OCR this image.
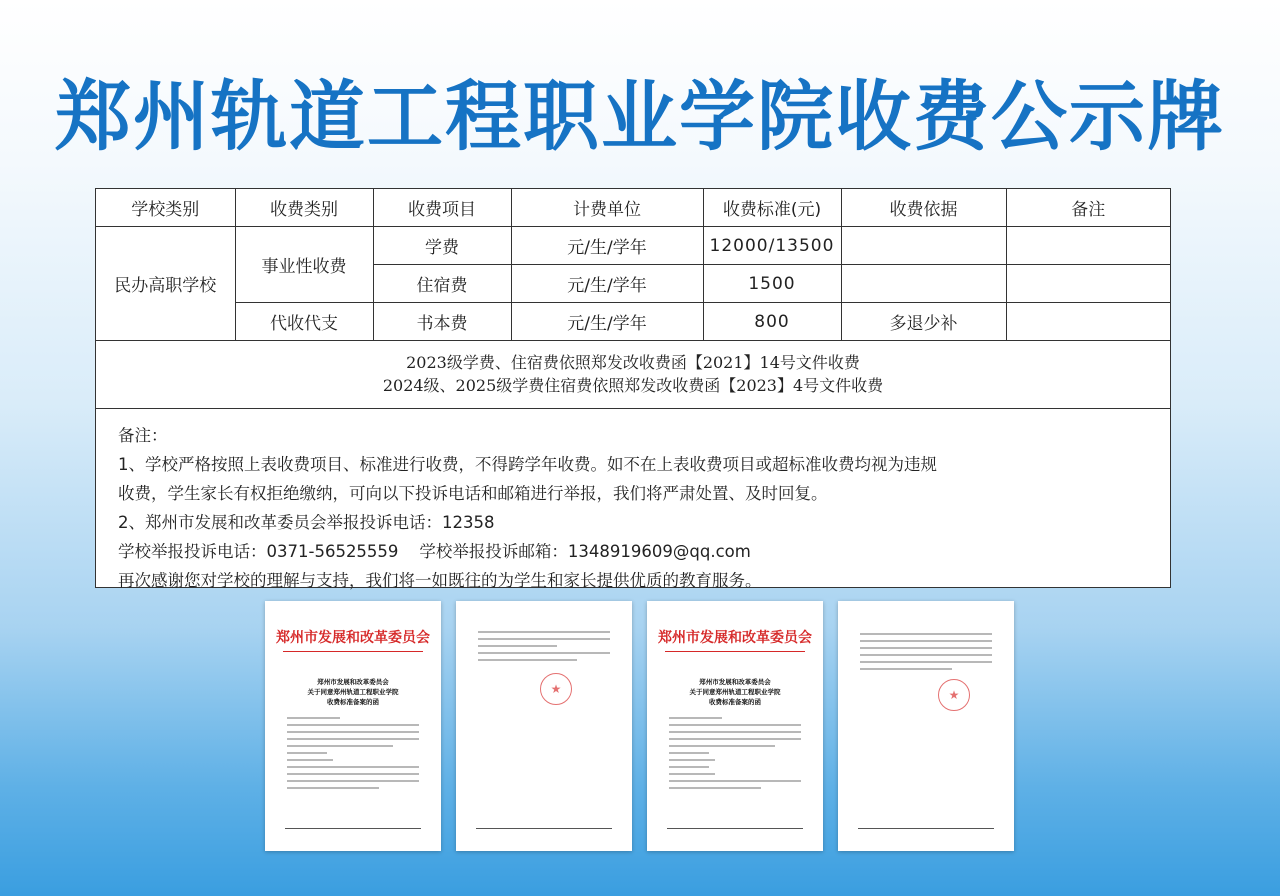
郑州轨道工程职业学院收费公示牌
学校类别	收费类别	收费项目	计费单位	收费标准(元)	收费依据	备注
民办高职学校	事业性收费	学费	元/生/学年	12000/13500		
		住宿费	元/生/学年	1500		
	代收代支	书本费	元/生/学年	800	多退少补	
2023级学费、住宿费依照郑发改收费函【2021】14号文件收费
2024级、2025级学费住宿费依照郑发改收费函【2023】4号文件收费
备注：
1、学校严格按照上表收费项目、标准进行收费，不得跨学年收费。如不在上表收费项目或超标准收费均视为违规
收费，学生家长有权拒绝缴纳，可向以下投诉电话和邮箱进行举报，我们将严肃处置、及时回复。
2、郑州市发展和改革委员会举报投诉电话：12358
学校举报投诉电话：0371-56525559    学校举报投诉邮箱：1348919609@qq.com
再次感谢您对学校的理解与支持，我们将一如既往的为学生和家长提供优质的教育服务。
郑州市发展和改革委员会
郑州市发展和改革委员会
关于同意郑州轨道工程职业学院
收费标准备案的函
★
郑州市发展和改革委员会
郑州市发展和改革委员会
关于同意郑州轨道工程职业学院
收费标准备案的函	★
